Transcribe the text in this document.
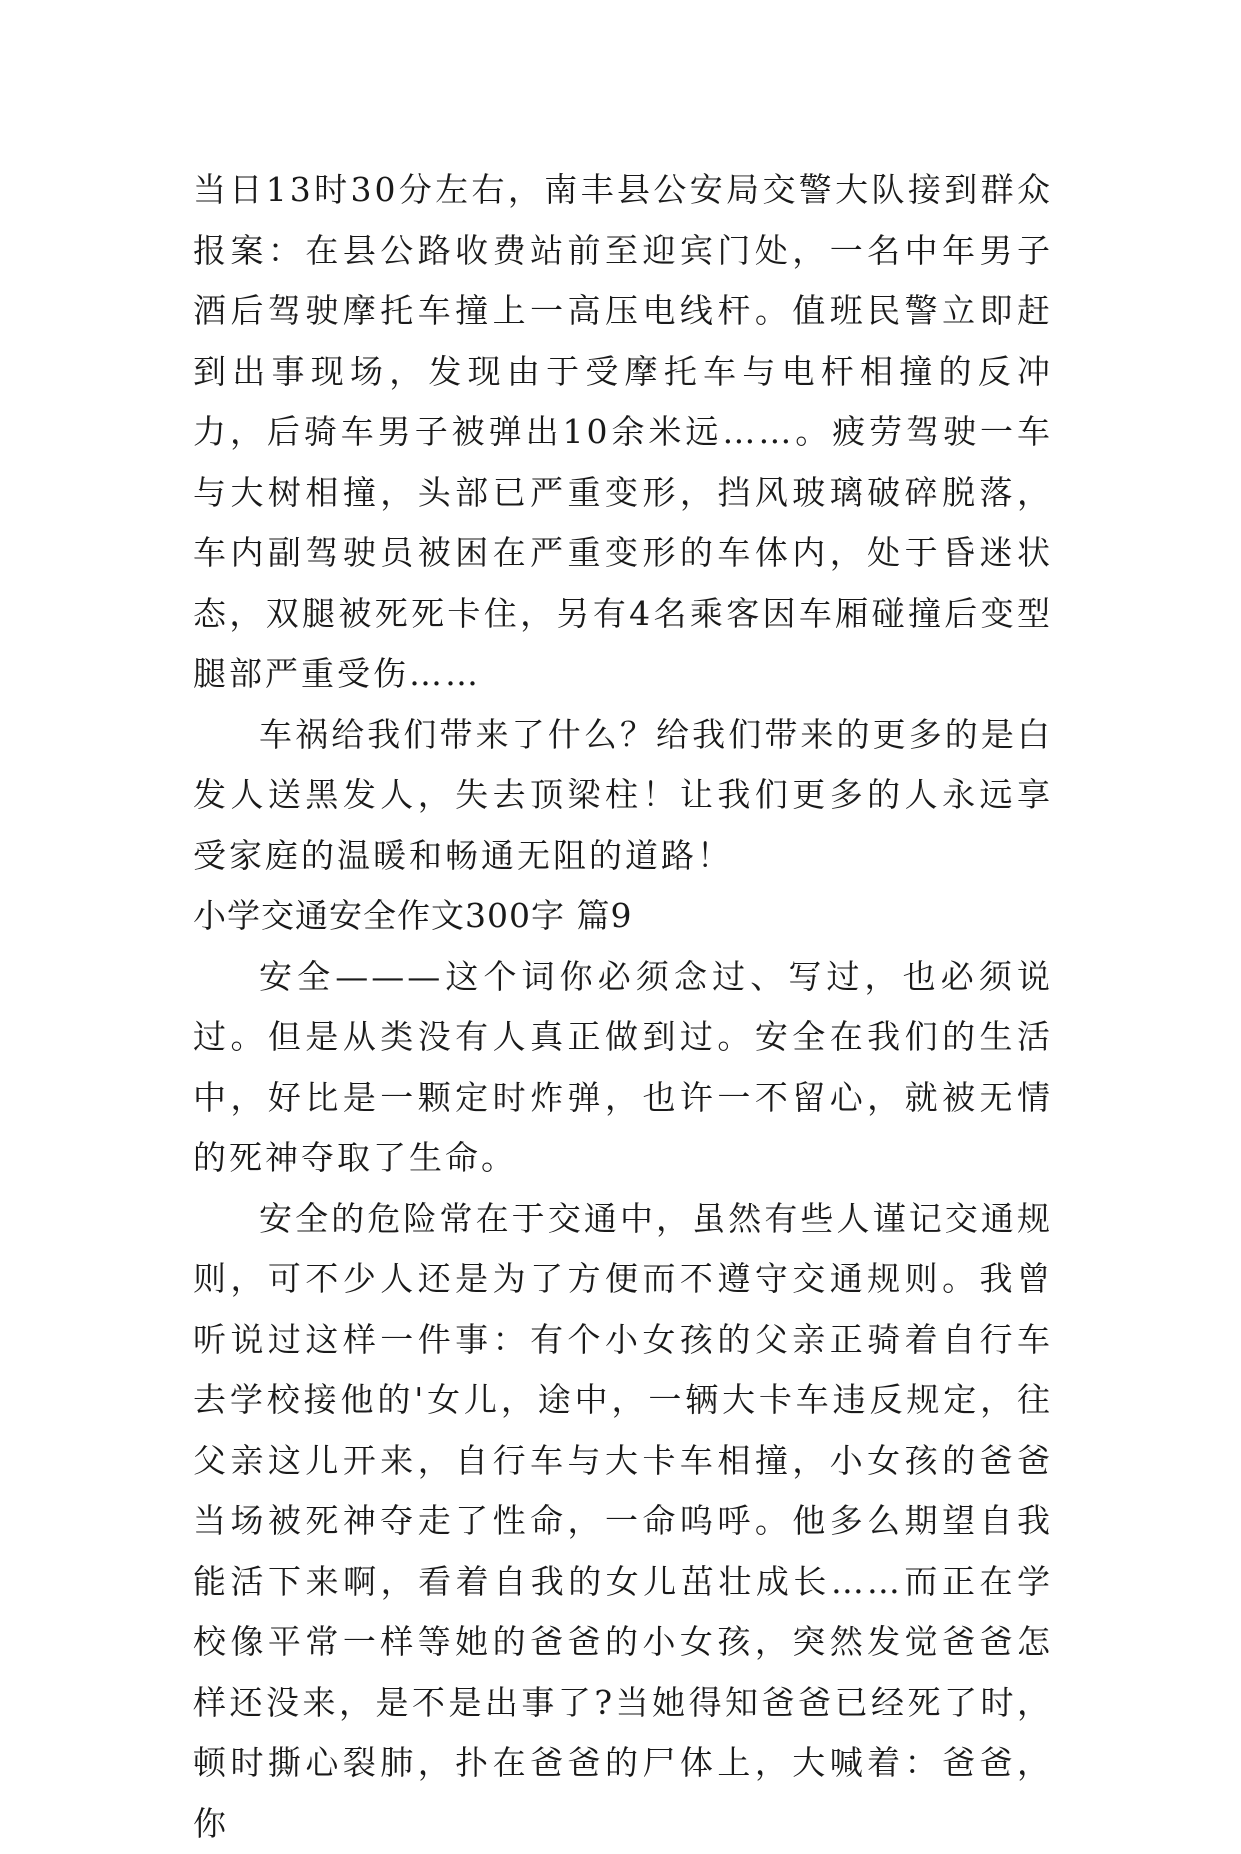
当日13时30分左右，南丰县公安局交警大队接到群众报案：在县公路收费站前至迎宾门处，一名中年男子酒后驾驶摩托车撞上一高压电线杆。值班民警立即赶到出事现场，发现由于受摩托车与电杆相撞的反冲力，后骑车男子被弹出10余米远……。疲劳驾驶一车与大树相撞，头部已严重变形，挡风玻璃破碎脱落，车内副驾驶员被困在严重变形的车体内，处于昏迷状态，双腿被死死卡住，另有4名乘客因车厢碰撞后变型腿部严重受伤……

车祸给我们带来了什么？给我们带来的更多的是白发人送黑发人，失去顶梁柱！让我们更多的人永远享受家庭的温暖和畅通无阻的道路！

小学交通安全作文300字 篇9

安全———这个词你必须念过、写过，也必须说过。但是从类没有人真正做到过。安全在我们的生活中，好比是一颗定时炸弹，也许一不留心，就被无情的死神夺取了生命。

安全的危险常在于交通中，虽然有些人谨记交通规则，可不少人还是为了方便而不遵守交通规则。我曾听说过这样一件事：有个小女孩的父亲正骑着自行车去学校接他的'女儿，途中，一辆大卡车违反规定，往父亲这儿开来，自行车与大卡车相撞，小女孩的爸爸当场被死神夺走了性命，一命呜呼。他多么期望自我能活下来啊，看着自我的女儿茁壮成长……而正在学校像平常一样等她的爸爸的小女孩，突然发觉爸爸怎样还没来，是不是出事了?当她得知爸爸已经死了时，顿时撕心裂肺，扑在爸爸的尸体上，大喊着：爸爸，你
